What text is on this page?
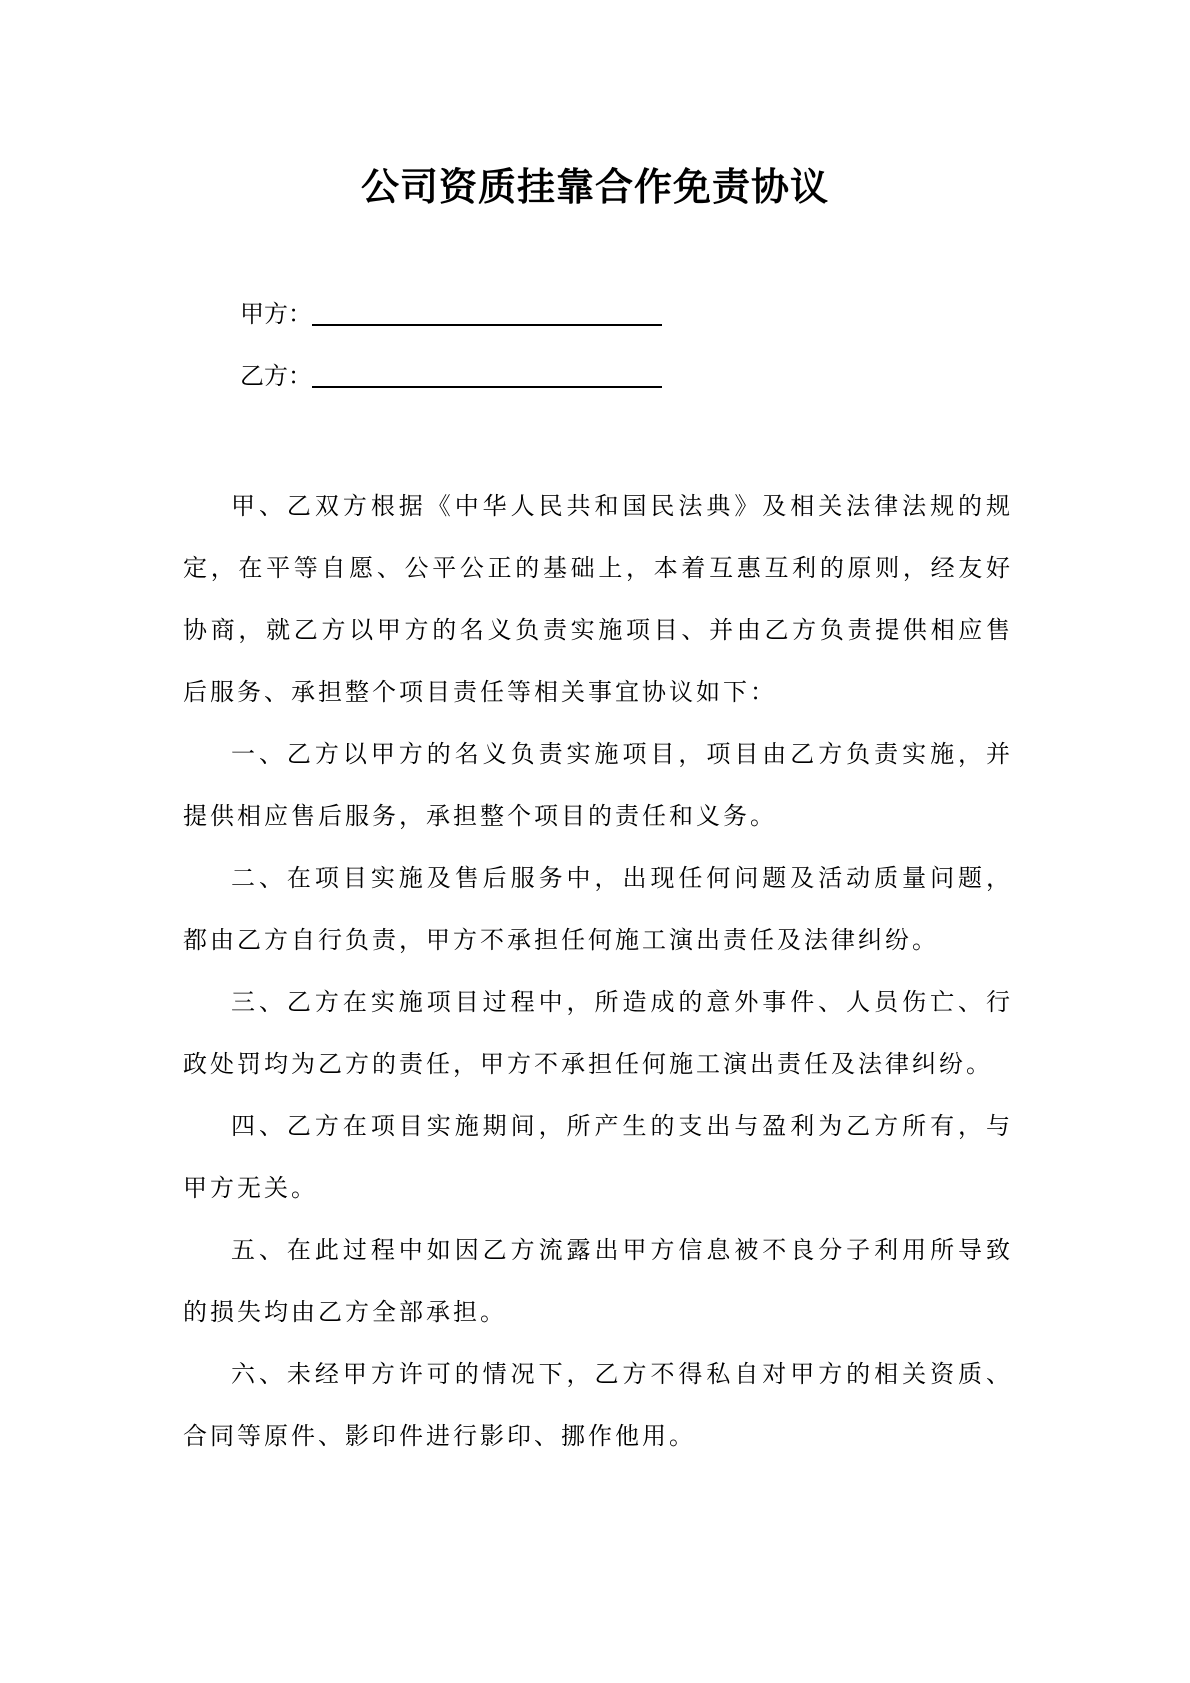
公司资质挂靠合作免责协议
甲方：
乙方：

甲、乙双方根据《中华人民共和国民法典》及相关法律法规的规定，在平等自愿、公平公正的基础上，本着互惠互利的原则，经友好协商，就乙方以甲方的名义负责实施项目、并由乙方负责提供相应售后服务、承担整个项目责任等相关事宜协议如下：

一、乙方以甲方的名义负责实施项目，项目由乙方负责实施，并提供相应售后服务，承担整个项目的责任和义务。

二、在项目实施及售后服务中，出现任何问题及活动质量问题，都由乙方自行负责，甲方不承担任何施工演出责任及法律纠纷。

三、乙方在实施项目过程中，所造成的意外事件、人员伤亡、行政处罚均为乙方的责任，甲方不承担任何施工演出责任及法律纠纷。

四、乙方在项目实施期间，所产生的支出与盈利为乙方所有，与甲方无关。

五、在此过程中如因乙方流露出甲方信息被不良分子利用所导致的损失均由乙方全部承担。

六、未经甲方许可的情况下，乙方不得私自对甲方的相关资质、合同等原件、影印件进行影印、挪作他用。
